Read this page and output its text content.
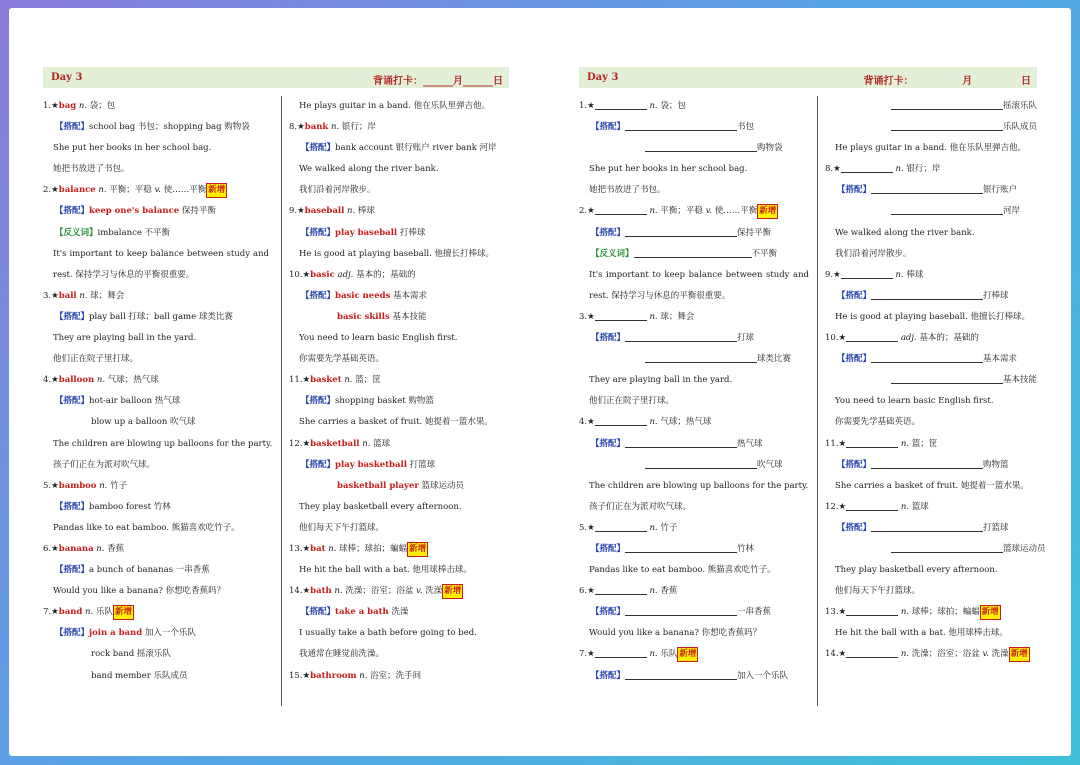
Day 3	背诵打卡：______月______日
1.★bag n. 袋；包
【搭配】school bag 书包；shopping bag 购物袋
She put her books in her school bag.
她把书放进了书包。
2.★balance n. 平衡；平稳 v. 使……平衡 新增
【搭配】keep one's balance 保持平衡
【反义词】imbalance 不平衡
It's important to keep balance between study and
rest. 保持学习与休息的平衡很重要。
3.★ball n. 球；舞会
【搭配】play ball 打球；ball game 球类比赛
They are playing ball in the yard.
他们正在院子里打球。
4.★balloon n. 气球；热气球
【搭配】hot-air balloon 热气球
blow up a balloon 吹气球
The children are blowing up balloons for the party.
孩子们正在为派对吹气球。
5.★bamboo n. 竹子
【搭配】bamboo forest 竹林
Pandas like to eat bamboo. 熊猫喜欢吃竹子。
6.★banana n. 香蕉
【搭配】a bunch of bananas 一串香蕉
Would you like a banana? 你想吃香蕉吗？
7.★band n. 乐队 新增
【搭配】join a band 加入一个乐队
rock band 摇滚乐队
band member 乐队成员
He plays guitar in a band. 他在乐队里弹吉他。
8.★bank n. 银行；岸
【搭配】bank account 银行账户 river bank 河岸
We walked along the river bank.
我们沿着河岸散步。
9.★baseball n. 棒球
【搭配】play baseball 打棒球
He is good at playing baseball. 他擅长打棒球。
10.★basic adj. 基本的；基础的
【搭配】basic needs 基本需求
basic skills 基本技能
You need to learn basic English first.
你需要先学基础英语。
11.★basket n. 篮；筐
【搭配】shopping basket 购物篮
She carries a basket of fruit. 她提着一篮水果。
12.★basketball n. 篮球
【搭配】play basketball 打篮球
basketball player 篮球运动员
They play basketball every afternoon.
他们每天下午打篮球。
13.★bat n. 球棒；球拍；蝙蝠 新增
He hit the ball with a bat. 他用球棒击球。
14.★bath n. 洗澡；浴室；浴盆 v. 洗澡 新增
【搭配】take a bath 洗澡
I usually take a bath before going to bed.
我通常在睡觉前洗澡。
15.★bathroom n. 浴室；洗手间
Day 3	背诵打卡：              月              日
1.★	n. 袋；包
【搭配】	书包
购物袋
She put her books in her school bag.
她把书放进了书包。
2.★	n. 平衡；平稳 v. 使……平衡 新增
【搭配】	保持平衡
【反义词】	不平衡
It's important to keep balance between study and
rest. 保持学习与休息的平衡很重要。
3.★	n. 球；舞会
【搭配】	打球
球类比赛
They are playing ball in the yard.
他们正在院子里打球。
4.★	n. 气球；热气球
【搭配】	热气球
吹气球
The children are blowing up balloons for the party.
孩子们正在为派对吹气球。
5.★	n. 竹子
【搭配】	竹林
Pandas like to eat bamboo. 熊猫喜欢吃竹子。
6.★	n. 香蕉
【搭配】	一串香蕉
Would you like a banana? 你想吃香蕉吗？
7.★	n. 乐队 新增
【搭配】	加入一个乐队
摇滚乐队
乐队成员
He plays guitar in a band. 他在乐队里弹吉他。
8.★	n. 银行；岸
【搭配】	银行账户
河岸
We walked along the river bank.
我们沿着河岸散步。
9.★	n. 棒球
【搭配】	打棒球
He is good at playing baseball. 他擅长打棒球。
10.★	adj. 基本的；基础的
【搭配】	基本需求
基本技能
You need to learn basic English first.
你需要先学基础英语。
11.★	n. 篮；筐
【搭配】	购物篮
She carries a basket of fruit. 她提着一篮水果。
12.★	n. 篮球
【搭配】	打篮球
篮球运动员
They play basketball every afternoon.
他们每天下午打篮球。
13.★	n. 球棒；球拍；蝙蝠 新增
He hit the ball with a bat. 他用球棒击球。
14.★	n. 洗澡；浴室；浴盆 v. 洗澡 新增
